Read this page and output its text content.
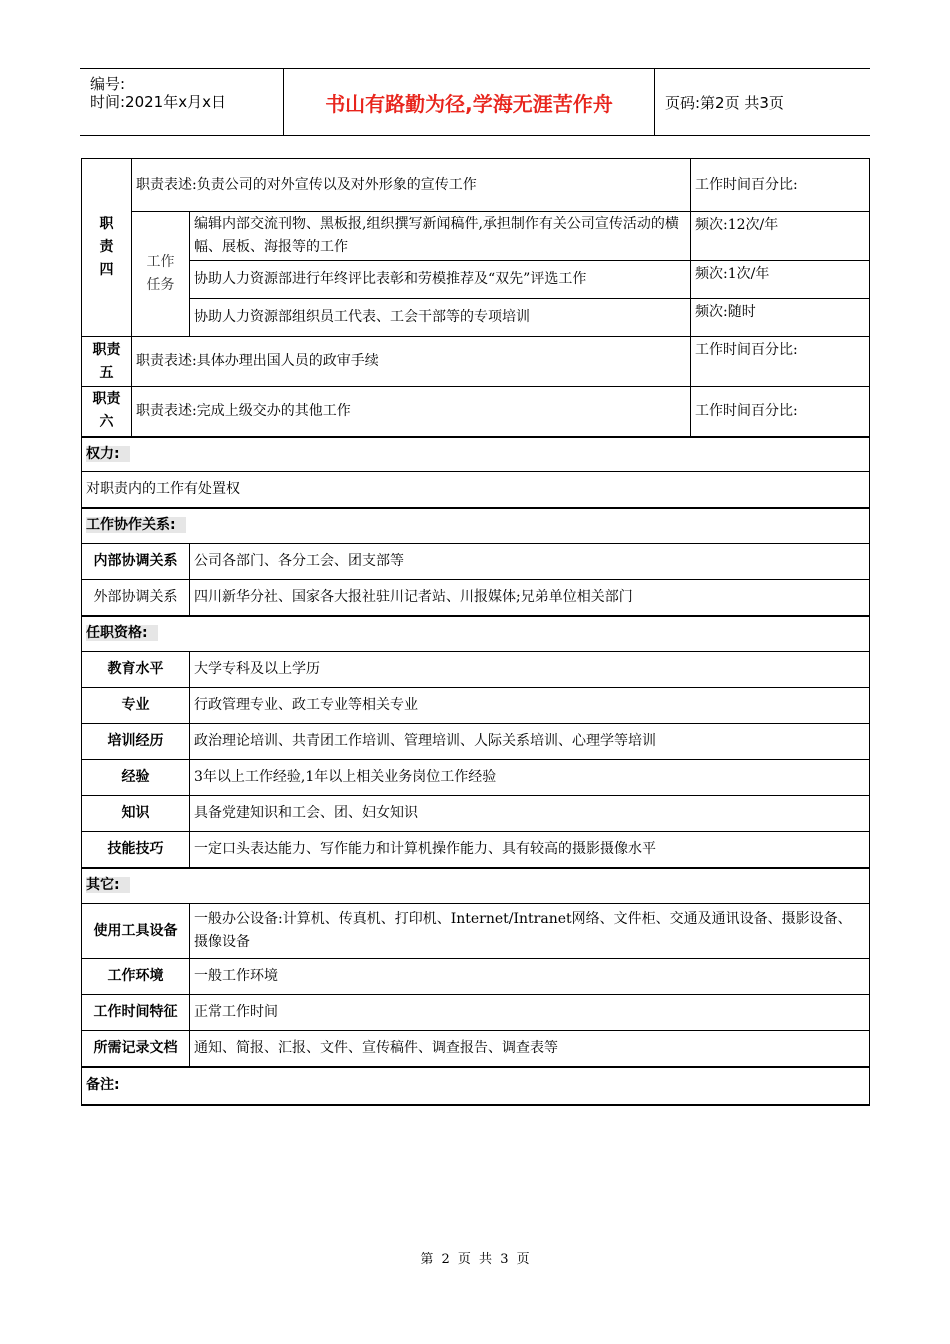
编号:
时间:2021年x月x日	书山有路勤为径,学海无涯苦作舟	页码:第2页 共3页
职责四	职责表述:负责公司的对外宣传以及对外形象的宣传工作		工作时间百分比:
	工作任务	编辑内部交流刊物、黑板报,组织撰写新闻稿件,承担制作有关公司宣传活动的横幅、展板、海报等的工作	频次:12次/年
		协助人力资源部进行年终评比表彰和劳模推荐及“双先”评选工作	频次:1次/年
		协助人力资源部组织员工代表、工会干部等的专项培训	频次:随时
职责五	职责表述:具体办理出国人员的政审手续		工作时间百分比:
职责六	职责表述:完成上级交办的其他工作		工作时间百分比:
权力:			
对职责内的工作有处置权			
工作协作关系:			
内部协调关系		公司各部门、各分工会、团支部等	
外部协调关系		四川新华分社、国家各大报社驻川记者站、川报媒体;兄弟单位相关部门	
任职资格:			
教育水平		大学专科及以上学历	
专业		行政管理专业、政工专业等相关专业	
培训经历		政治理论培训、共青团工作培训、管理培训、人际关系培训、心理学等培训	
经验		3年以上工作经验,1年以上相关业务岗位工作经验	
知识		具备党建知识和工会、团、妇女知识	
技能技巧		一定口头表达能力、写作能力和计算机操作能力、具有较高的摄影摄像水平	
其它:			
使用工具设备		一般办公设备:计算机、传真机、打印机、Internet/Intranet网络、文件柜、交通及通讯设备、摄影设备、摄像设备	
工作环境		一般工作环境	
工作时间特征		正常工作时间	
所需记录文档		通知、简报、汇报、文件、宣传稿件、调查报告、调查表等	
备注:			
第 2 页 共 3 页
